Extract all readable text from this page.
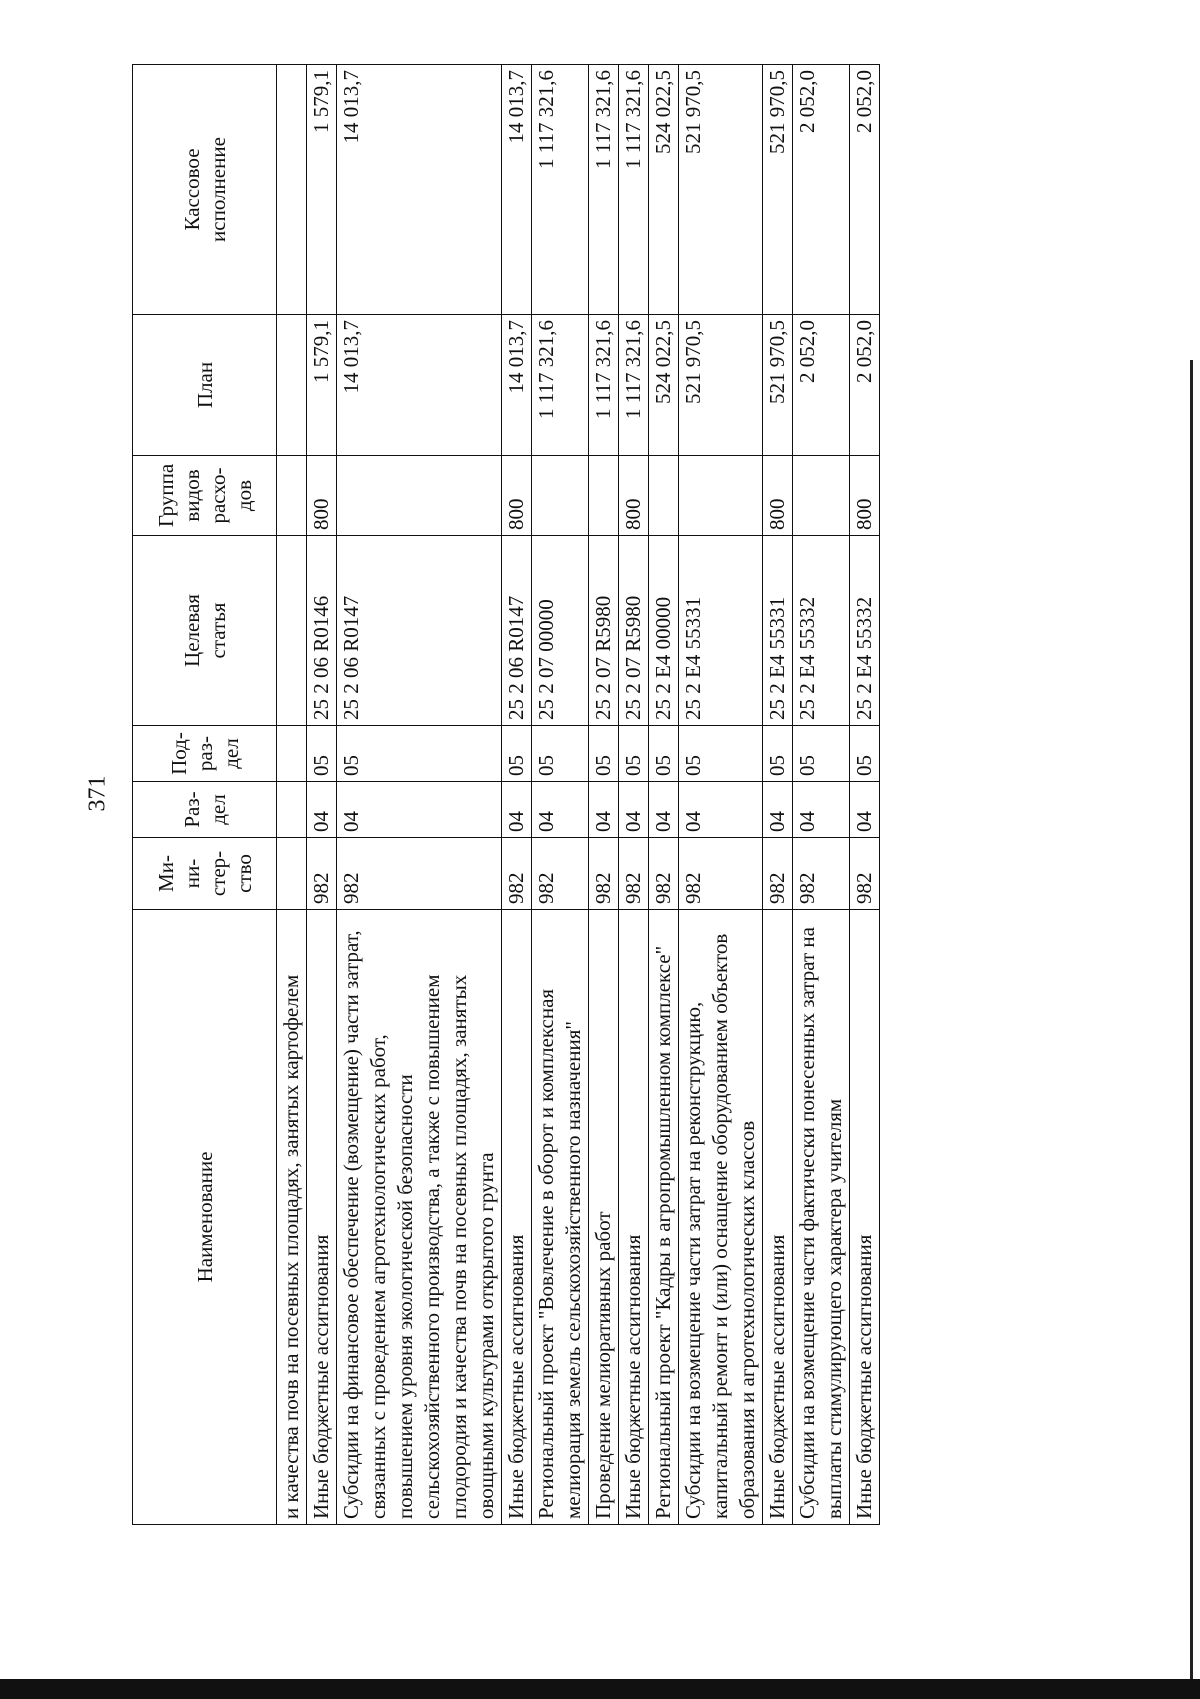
371
Наименование	Ми-
ни-
стер-
ство	Раз-
дел	Под-
раз-
дел	Целевая
статья	Группа
видов
расхо-
дов	План	Кассовое
исполнение
и качества почв на посевных площадях, занятых картофелем							
Иные бюджетные ассигнования	982	04	05	25 2 06 R0146	800	1 579,1	1 579,1
Субсидии на финансовое обеспечение (возмещение) части затрат, связанных с проведением агротехнологических работ, повышением уровня экологической безопасности сельскохозяйственного производства, а также с повышением плодородия и качества почв на посевных площадях, занятых овощными культурами открытого грунта	982	04	05	25 2 06 R0147		14 013,7	14 013,7
Иные бюджетные ассигнования	982	04	05	25 2 06 R0147	800	14 013,7	14 013,7
Региональный проект "Вовлечение в оборот и комплексная мелиорация земель сельскохозяйственного назначения"	982	04	05	25 2 07 00000		1 117 321,6	1 117 321,6
Проведение мелиоративных работ	982	04	05	25 2 07 R5980		1 117 321,6	1 117 321,6
Иные бюджетные ассигнования	982	04	05	25 2 07 R5980	800	1 117 321,6	1 117 321,6
Региональный проект "Кадры в агропромышленном комплексе"	982	04	05	25 2 E4 00000		524 022,5	524 022,5
Субсидии на возмещение части затрат на реконструкцию, капитальный ремонт и (или) оснащение оборудованием объектов образования и агротехнологических классов	982	04	05	25 2 E4 55331		521 970,5	521 970,5
Иные бюджетные ассигнования	982	04	05	25 2 E4 55331	800	521 970,5	521 970,5
Субсидии на возмещение части фактически понесенных затрат на выплаты стимулирующего характера учителям	982	04	05	25 2 E4 55332		2 052,0	2 052,0
Иные бюджетные ассигнования	982	04	05	25 2 E4 55332	800	2 052,0	2 052,0
